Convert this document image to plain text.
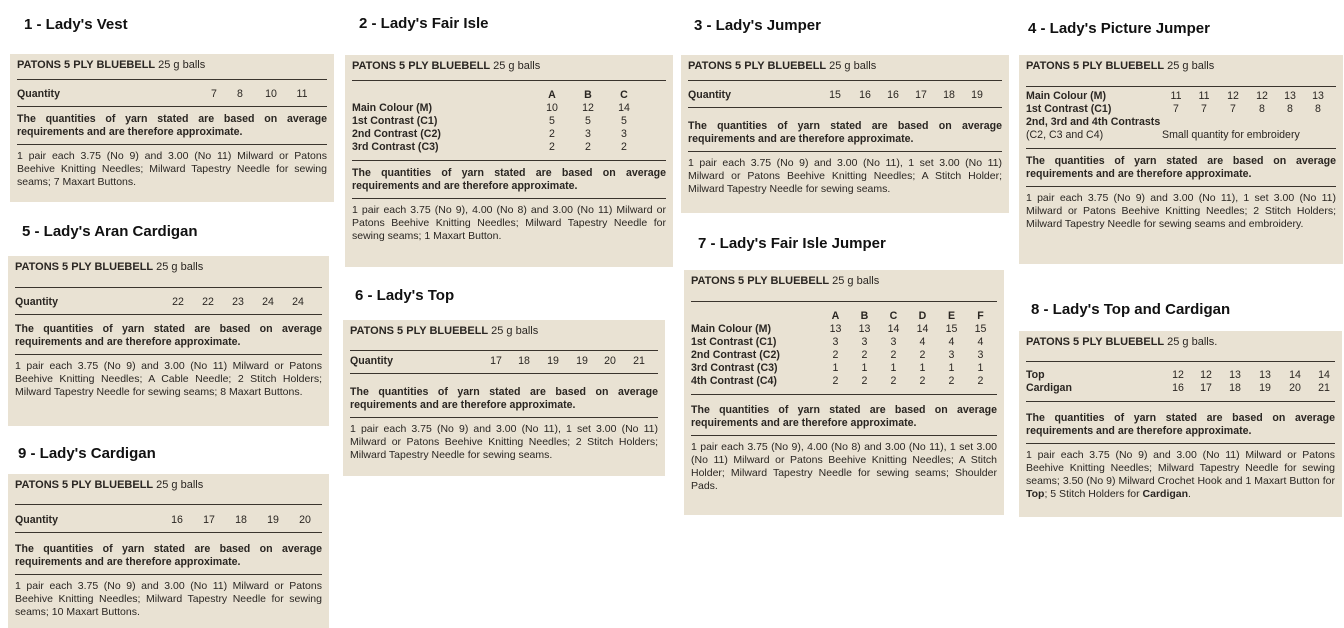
1 - Lady's Vest
PATONS 5 PLY BLUEBELL 25 g balls
Quantity	7	8	10	11
The quantities of yarn stated are based on average requirements and are therefore approximate.
1 pair each 3.75 (No 9) and 3.00 (No 11) Milward or Patons Beehive Knitting Needles; Milward Tapestry Needle for sewing seams; 7 Maxart Buttons.
2 - Lady's Fair Isle
PATONS 5 PLY BLUEBELL 25 g balls
A	B	C
Main Colour (M)	10	12	14
1st Contrast (C1)	5	5	5
2nd Contrast (C2)	2	3	3
3rd Contrast (C3)	2	2	2
The quantities of yarn stated are based on average requirements and are therefore approximate.
1 pair each 3.75 (No 9), 4.00 (No 8) and 3.00 (No 11) Milward or Patons Beehive Knitting Needles; Milward Tapestry Needle for sewing seams; 1 Maxart Button.
3 - Lady's Jumper
PATONS 5 PLY BLUEBELL 25 g balls
Quantity	15	16	16	17	18	19
The quantities of yarn stated are based on average requirements and are therefore approximate.
1 pair each 3.75 (No 9) and 3.00 (No 11), 1 set 3.00 (No 11) Milward or Patons Beehive Knitting Needles; A Stitch Holder; Milward Tapestry Needle for sewing seams.
4 - Lady's Picture Jumper
PATONS 5 PLY BLUEBELL 25 g balls
Main Colour (M)	11	11	12	12	13	13
1st Contrast (C1)	7	7	7	8	8	8
2nd, 3rd and 4th Contrasts
(C2, C3 and C4)	Small quantity for embroidery
The quantities of yarn stated are based on average requirements and are therefore approximate.
1 pair each 3.75 (No 9) and 3.00 (No 11), 1 set 3.00 (No 11) Milward or Patons Beehive Knitting Needles; 2 Stitch Holders; Milward Tapestry Needle for sewing seams and embroidery.
5 - Lady's Aran Cardigan
PATONS 5 PLY BLUEBELL 25 g balls
Quantity	22	22	23	24	24
The quantities of yarn stated are based on average requirements and are therefore approximate.
1 pair each 3.75 (No 9) and 3.00 (No 11) Milward or Patons Beehive Knitting Needles; A Cable Needle; 2 Stitch Holders; Milward Tapestry Needle for sewing seams; 8 Maxart Buttons.
6 - Lady's Top
PATONS 5 PLY BLUEBELL 25 g balls
Quantity	17	18	19	19	20	21
The quantities of yarn stated are based on average requirements and are therefore approximate.
1 pair each 3.75 (No 9) and 3.00 (No 11), 1 set 3.00 (No 11) Milward or Patons Beehive Knitting Needles; 2 Stitch Holders; Milward Tapestry Needle for sewing seams.
7 - Lady's Fair Isle Jumper
PATONS 5 PLY BLUEBELL 25 g balls
A	B	C	D	E	F
Main Colour (M)	13	13	14	14	15	15
1st Contrast (C1)	3	3	3	4	4	4
2nd Contrast (C2)	2	2	2	2	3	3
3rd Contrast (C3)	1	1	1	1	1	1
4th Contrast (C4)	2	2	2	2	2	2
The quantities of yarn stated are based on average requirements and are therefore approximate.
1 pair each 3.75 (No 9), 4.00 (No 8) and 3.00 (No 11), 1 set 3.00 (No 11) Milward or Patons Beehive Knitting Needles; A Stitch Holder; Milward Tapestry Needle for sewing seams; Shoulder Pads.
8 - Lady's Top and Cardigan
PATONS 5 PLY BLUEBELL 25 g balls.
Top	12	12	13	13	14	14
Cardigan	16	17	18	19	20	21
The quantities of yarn stated are based on average requirements and are therefore approximate.
1 pair each 3.75 (No 9) and 3.00 (No 11) Milward or Patons Beehive Knitting Needles; Milward Tapestry Needle for sewing seams; 3.50 (No 9) Milward Crochet Hook and 1 Maxart Button for Top; 5 Stitch Holders for Cardigan.
9 - Lady's Cardigan
PATONS 5 PLY BLUEBELL 25 g balls
Quantity	16	17	18	19	20
The quantities of yarn stated are based on average requirements and are therefore approximate.
1 pair each 3.75 (No 9) and 3.00 (No 11) Milward or Patons Beehive Knitting Needles; Milward Tapestry Needle for sewing seams; 10 Maxart Buttons.
